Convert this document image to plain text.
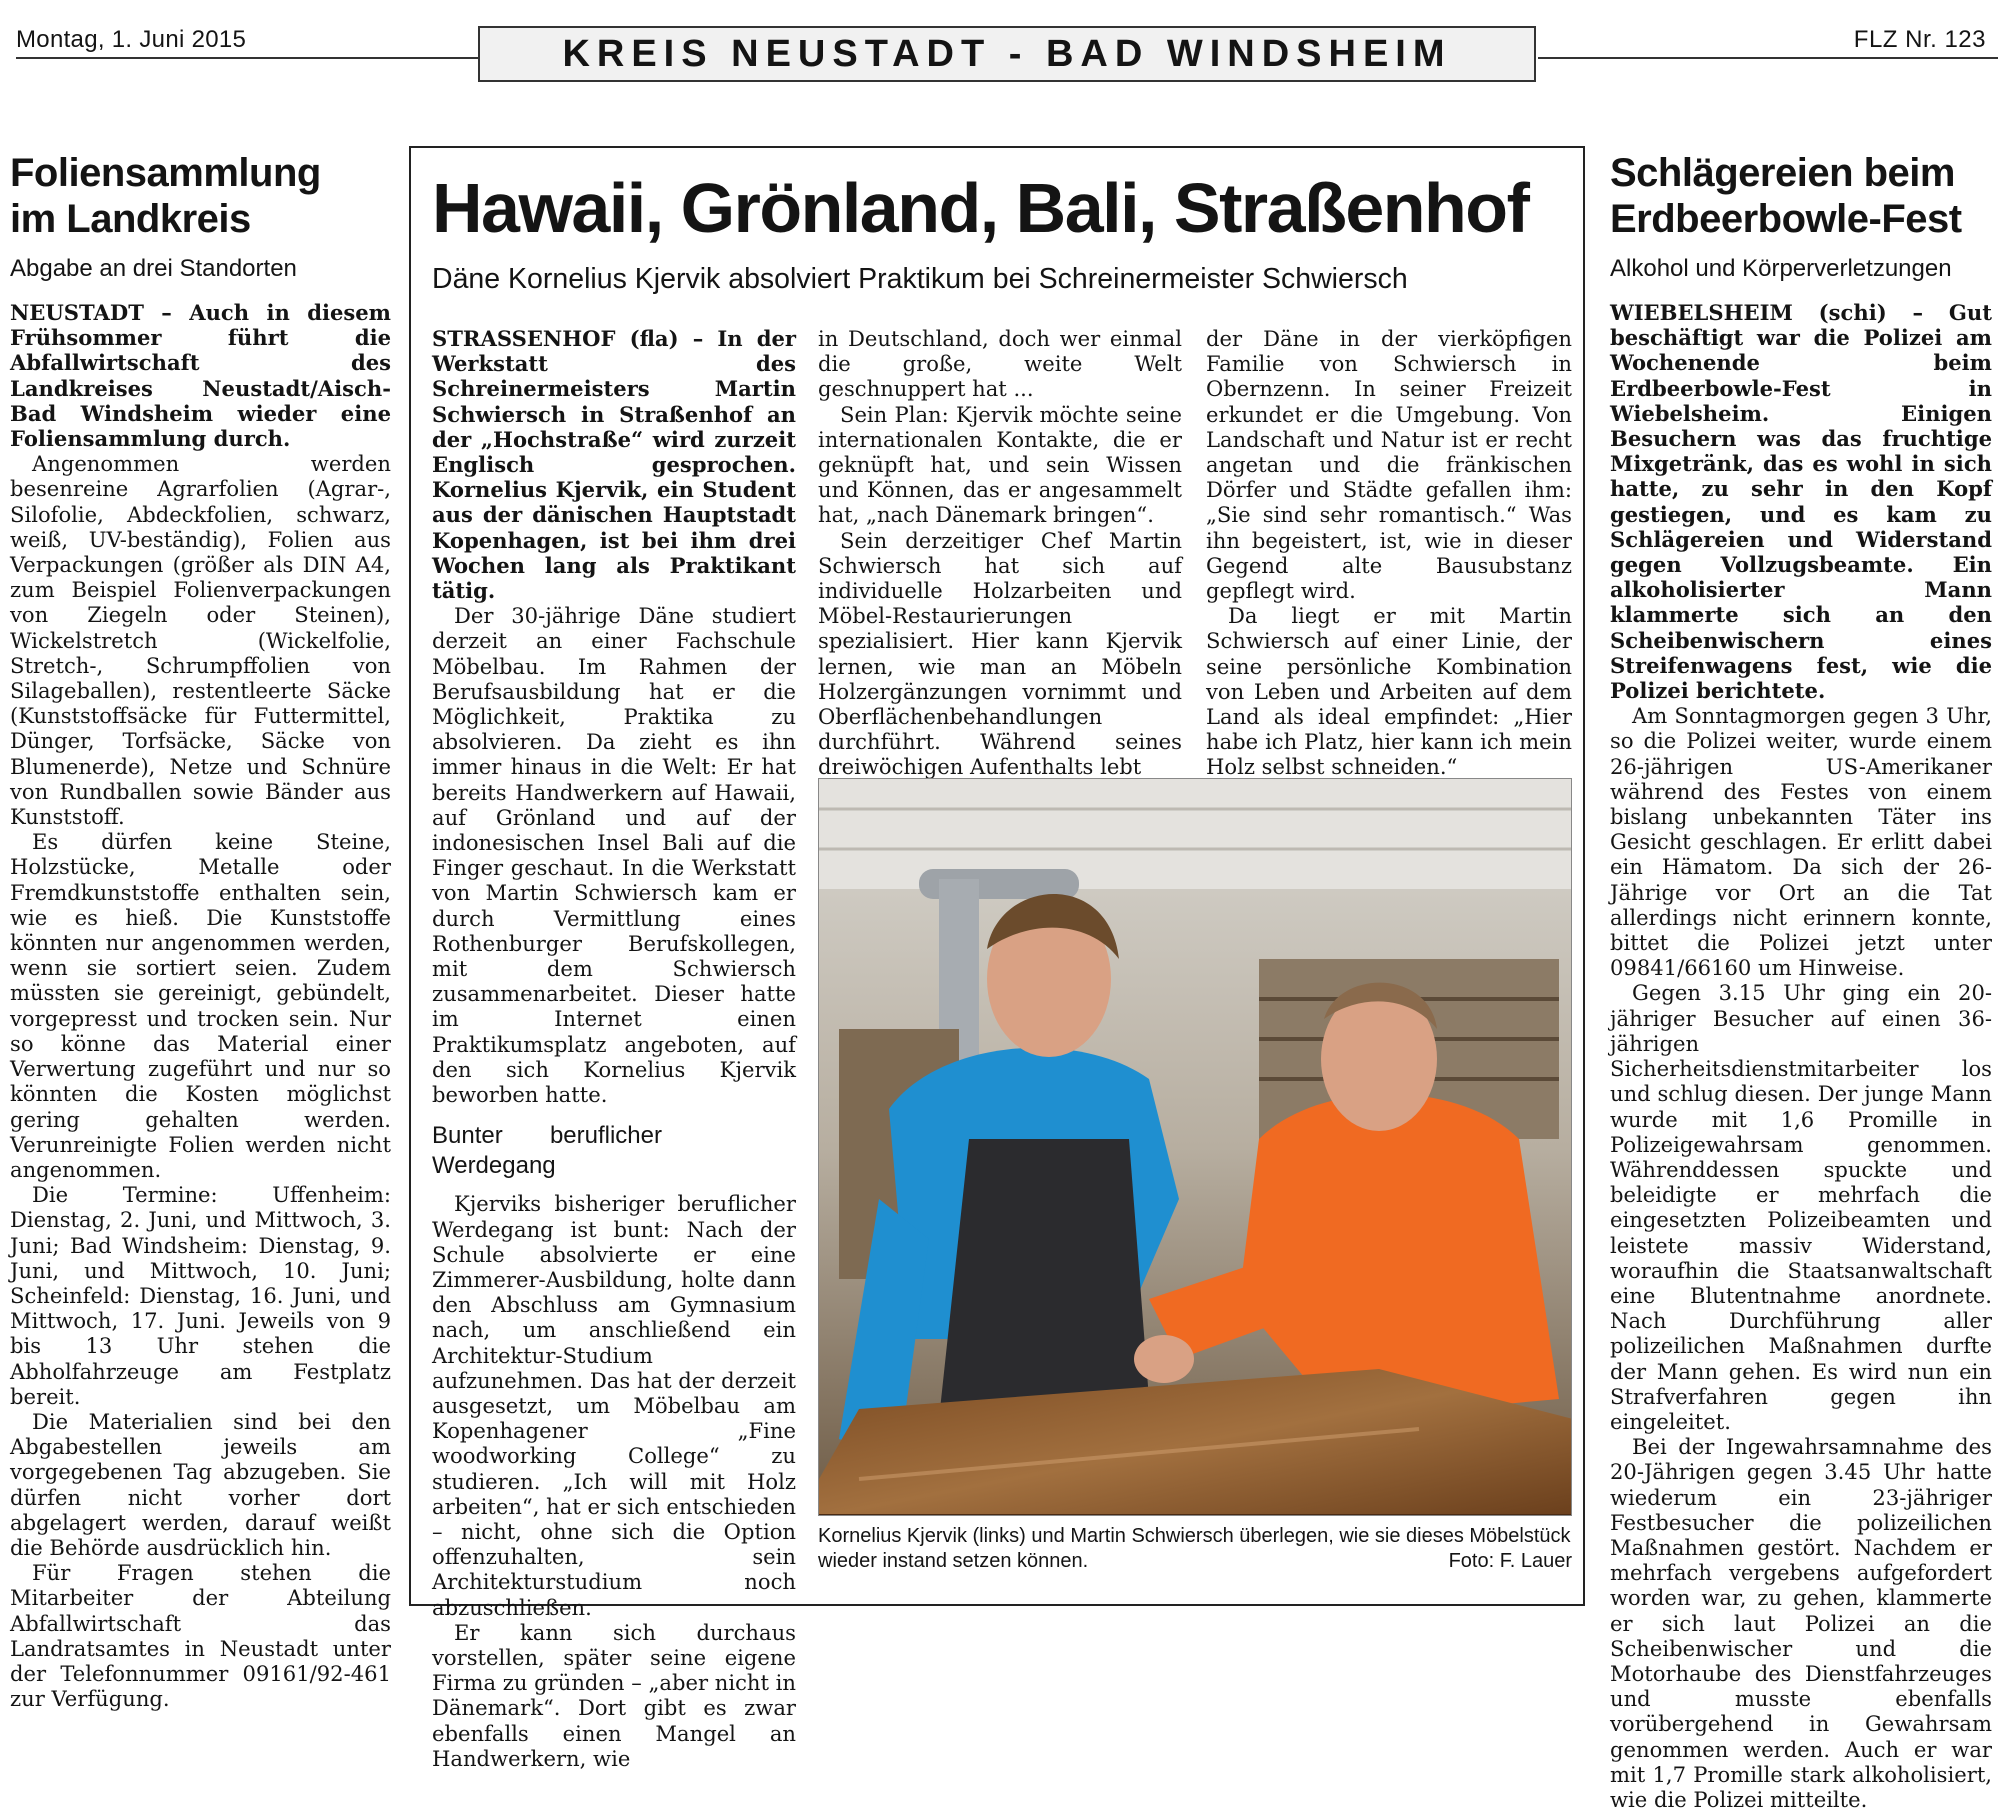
Montag, 1. Juni 2015	KREIS NEUSTADT - BAD WINDSHEIM	FLZ Nr. 123
Foliensammlung
im Landkreis
Abgabe an drei Standorten

NEUSTADT – Auch in diesem Frühsommer führt die Abfallwirtschaft des Landkreises Neustadt/Aisch-Bad Windsheim wieder eine Foliensammlung durch.

Angenommen werden besenreine Agrarfolien (Agrar-, Silofolie, Abdeckfolien, schwarz, weiß, UV-beständig), Folien aus Verpackungen (größer als DIN A4, zum Beispiel Folienverpackungen von Ziegeln oder Steinen), Wickelstretch (Wickelfolie, Stretch-, Schrumpffolien von Silageballen), restentleerte Säcke (Kunststoffsäcke für Futtermittel, Dünger, Torfsäcke, Säcke von Blumenerde), Netze und Schnüre von Rundballen sowie Bänder aus Kunststoff.

Es dürfen keine Steine, Holzstücke, Metalle oder Fremdkunststoffe enthalten sein, wie es hieß. Die Kunststoffe könnten nur angenommen werden, wenn sie sortiert seien. Zudem müssten sie gereinigt, gebündelt, vorgepresst und trocken sein. Nur so könne das Material einer Verwertung zugeführt und nur so könnten die Kosten möglichst gering gehalten werden. Verunreinigte Folien werden nicht angenommen.

Die Termine: Uffenheim: Dienstag, 2. Juni, und Mittwoch, 3. Juni; Bad Windsheim: Dienstag, 9. Juni, und Mittwoch, 10. Juni; Scheinfeld: Dienstag, 16. Juni, und Mittwoch, 17. Juni. Jeweils von 9 bis 13 Uhr stehen die Abholfahrzeuge am Festplatz bereit.

Die Materialien sind bei den Abgabestellen jeweils am vorgegebenen Tag abzugeben. Sie dürfen nicht vorher dort abgelagert werden, darauf weißt die Behörde ausdrücklich hin.

Für Fragen stehen die Mitarbeiter der Abteilung Abfallwirtschaft das Landratsamtes in Neustadt unter der Telefonnummer 09161/92-461 zur Verfügung.

Hawaii, Grönland, Bali, Straßenhof
Däne Kornelius Kjervik absolviert Praktikum bei Schreinermeister Schwiersch

STRASSENHOF (fla) – In der Werkstatt des Schreinermeisters Martin Schwiersch in Straßenhof an der „Hochstraße“ wird zurzeit Englisch gesprochen. Kornelius Kjervik, ein Student aus der dänischen Hauptstadt Kopenhagen, ist bei ihm drei Wochen lang als Praktikant tätig.

Der 30-jährige Däne studiert derzeit an einer Fachschule Möbelbau. Im Rahmen der Berufsausbildung hat er die Möglichkeit, Praktika zu absolvieren. Da zieht es ihn immer hinaus in die Welt: Er hat bereits Handwerkern auf Hawaii, auf Grönland und auf der indonesischen Insel Bali auf die Finger geschaut. In die Werkstatt von Martin Schwiersch kam er durch Vermittlung eines Rothenburger Berufskollegen, mit dem Schwiersch zusammenarbeitet. Dieser hatte im Internet einen Praktikumsplatz angeboten, auf den sich Kornelius Kjervik beworben hatte.

Bunter beruflicher Werdegang

Kjerviks bisheriger beruflicher Werdegang ist bunt: Nach der Schule absolvierte er eine Zimmerer-Ausbildung, holte dann den Abschluss am Gymnasium nach, um anschließend ein Architektur-Studium aufzunehmen. Das hat der derzeit ausgesetzt, um Möbelbau am Kopenhagener „Fine woodworking College“ zu studieren. „Ich will mit Holz arbeiten“, hat er sich entschieden – nicht, ohne sich die Option offenzuhalten, sein Architekturstudium noch abzuschließen.

Er kann sich durchaus vorstellen, später seine eigene Firma zu gründen – „aber nicht in Dänemark“. Dort gibt es zwar ebenfalls einen Mangel an Handwerkern, wie

in Deutschland, doch wer einmal die große, weite Welt geschnuppert hat ...

Sein Plan: Kjervik möchte seine internationalen Kontakte, die er geknüpft hat, und sein Wissen und Können, das er angesammelt hat, „nach Dänemark bringen“.

Sein derzeitiger Chef Martin Schwiersch hat sich auf individuelle Holzarbeiten und Möbel-Restaurierungen spezialisiert. Hier kann Kjervik lernen, wie man an Möbeln Holzergänzungen vornimmt und Oberflächenbehandlungen durchführt. Während seines dreiwöchigen Aufenthalts lebt

der Däne in der vierköpfigen Familie von Schwiersch in Obernzenn. In seiner Freizeit erkundet er die Umgebung. Von Landschaft und Natur ist er recht angetan und die fränkischen Dörfer und Städte gefallen ihm: „Sie sind sehr romantisch.“ Was ihn begeistert, ist, wie in dieser Gegend alte Bausubstanz gepflegt wird.

Da liegt er mit Martin Schwiersch auf einer Linie, der seine persönliche Kombination von Leben und Arbeiten auf dem Land als ideal empfindet: „Hier habe ich Platz, hier kann ich mein Holz selbst schneiden.“

Kornelius Kjervik (links) und Martin Schwiersch überlegen, wie sie dieses Möbelstück wieder instand setzen können.	Foto: F. Lauer
Schlägereien beim
Erdbeerbowle-Fest
Alkohol und Körperverletzungen

WIEBELSHEIM (schi) – Gut beschäftigt war die Polizei am Wochenende beim Erdbeerbowle-Fest in Wiebelsheim. Einigen Besuchern was das fruchtige Mixgetränk, das es wohl in sich hatte, zu sehr in den Kopf gestiegen, und es kam zu Schlägereien und Widerstand gegen Vollzugsbeamte. Ein alkoholisierter Mann klammerte sich an den Scheibenwischern eines Streifenwagens fest, wie die Polizei berichtete.

Am Sonntagmorgen gegen 3 Uhr, so die Polizei weiter, wurde einem 26-jährigen US-Amerikaner während des Festes von einem bislang unbekannten Täter ins Gesicht geschlagen. Er erlitt dabei ein Hämatom. Da sich der 26-Jährige vor Ort an die Tat allerdings nicht erinnern konnte, bittet die Polizei jetzt unter 09841/66160 um Hinweise.

Gegen 3.15 Uhr ging ein 20-jähriger Besucher auf einen 36-jährigen Sicherheitsdienstmitarbeiter los und schlug diesen. Der junge Mann wurde mit 1,6 Promille in Polizeigewahrsam genommen. Währenddessen spuckte und beleidigte er mehrfach die eingesetzten Polizeibeamten und leistete massiv Widerstand, woraufhin die Staatsanwaltschaft eine Blutentnahme anordnete. Nach Durchführung aller polizeilichen Maßnahmen durfte der Mann gehen. Es wird nun ein Strafverfahren gegen ihn eingeleitet.

Bei der Ingewahrsamnahme des 20-Jährigen gegen 3.45 Uhr hatte wiederum ein 23-jähriger Festbesucher die polizeilichen Maßnahmen gestört. Nachdem er mehrfach vergebens aufgefordert worden war, zu gehen, klammerte er sich laut Polizei an die Scheibenwischer und die Motorhaube des Dienstfahrzeuges und musste ebenfalls vorübergehend in Gewahrsam genommen werden. Auch er war mit 1,7 Promille stark alkoholisiert, wie die Polizei mitteilte.
